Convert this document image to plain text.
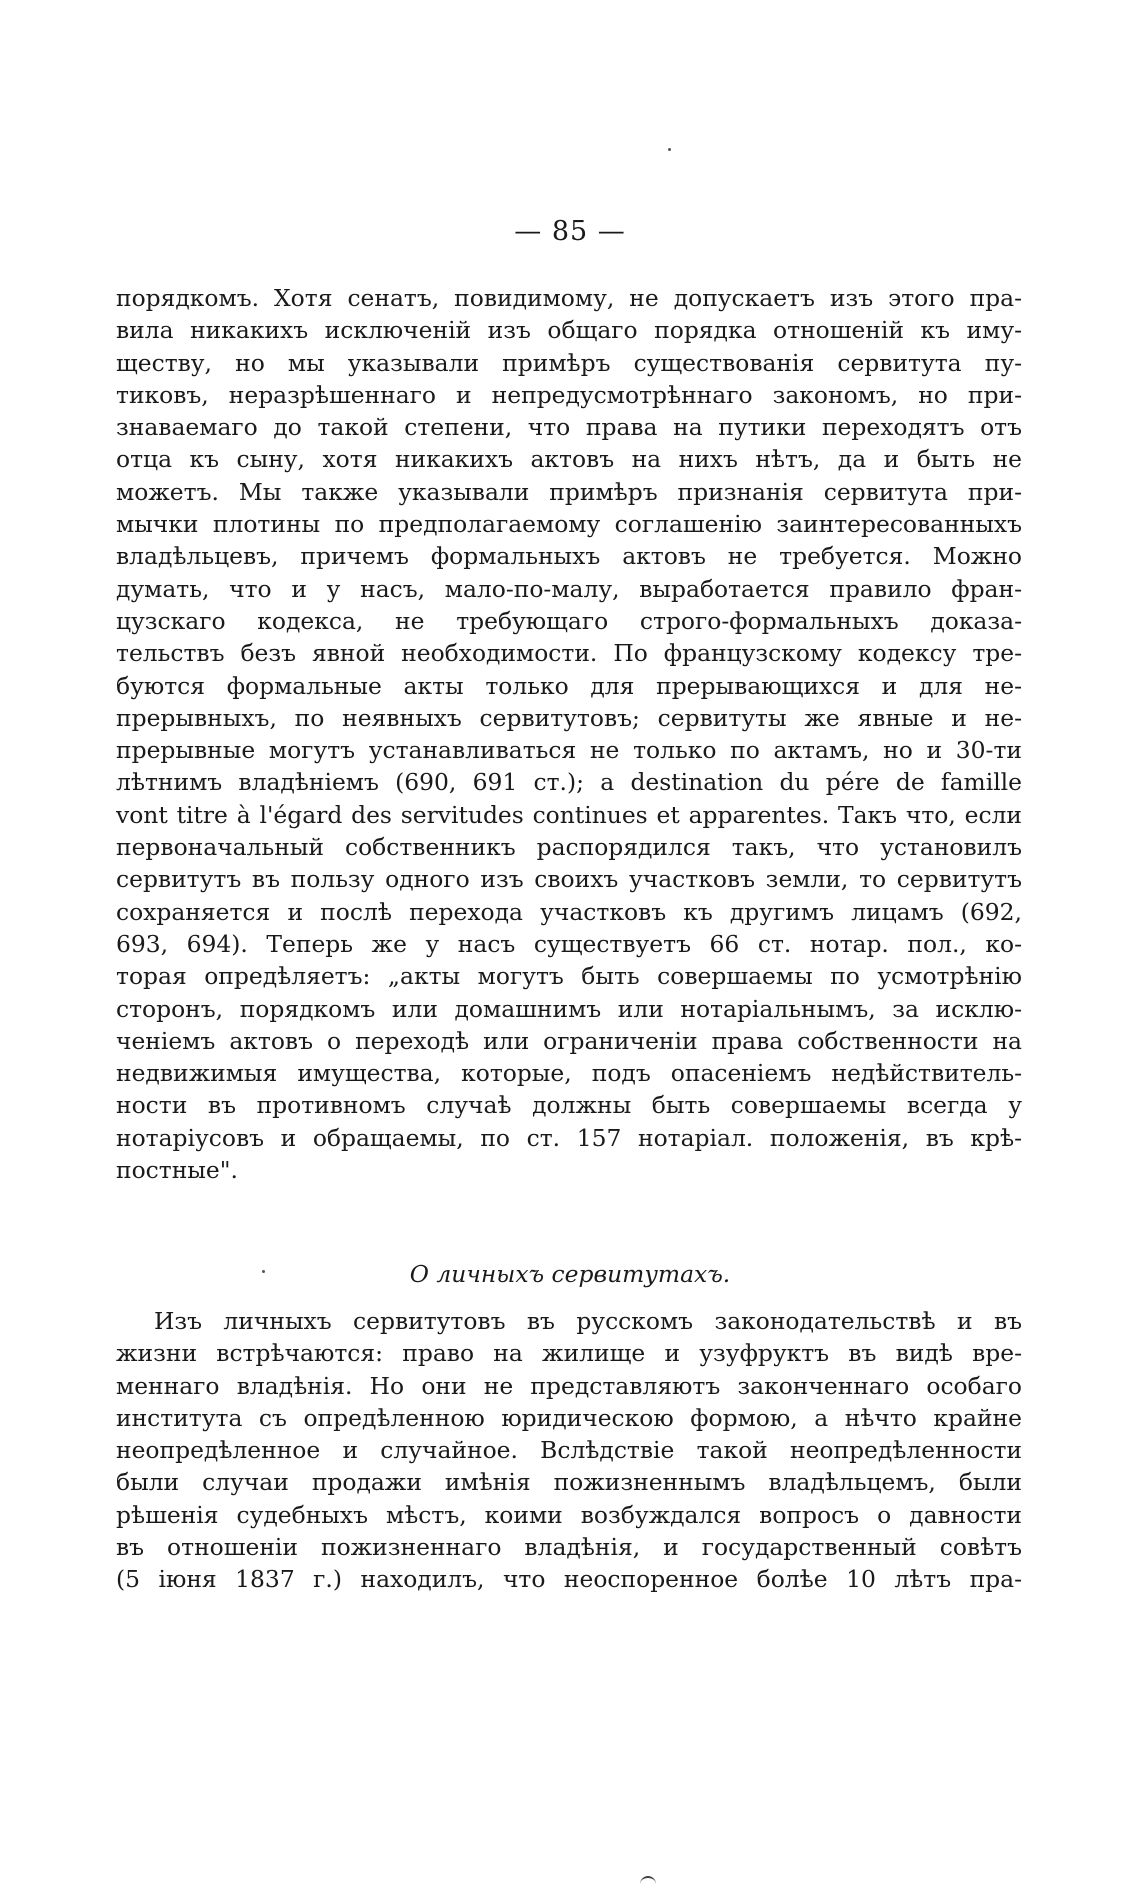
— 85 —
порядкомъ. Хотя сенатъ, повидимому, не допускаетъ изъ этого пра-
вила никакихъ исключеній изъ общаго порядка отношеній къ иму-
ществу, но мы указывали примѣръ существованія сервитута пу-
тиковъ, неразрѣшеннаго и непредусмотрѣннаго закономъ, но при-
знаваемаго до такой степени, что права на путики переходятъ отъ
отца къ сыну, хотя никакихъ актовъ на нихъ нѣтъ, да и быть не
можетъ. Мы также указывали примѣръ признанія сервитута при-
мычки плотины по предполагаемому соглашенію заинтересованныхъ
владѣльцевъ, причемъ формальныхъ актовъ не требуется. Можно
думать, что и у насъ, мало-по-малу, выработается правило фран-
цузскаго кодекса, не требующаго строго-формальныхъ доказа-
тельствъ безъ явной необходимости. По французскому кодексу тре-
буются формальные акты только для прерывающихся и для не-
прерывныхъ, по неявныхъ сервитутовъ; сервитуты же явные и не-
прерывные могутъ устанавливаться не только по актамъ, но и 30-ти
лѣтнимъ владѣніемъ (690, 691 ст.); а destination du pére de famille
vont titre à l'égard des servitudes continues et apparentes. Такъ что, если
первоначальный собственникъ распорядился такъ, что установилъ
сервитутъ въ пользу одного изъ своихъ участковъ земли, то сервитутъ
сохраняется и послѣ перехода участковъ къ другимъ лицамъ (692,
693, 694). Теперь же у насъ существуетъ 66 ст. нотар. пол., ко-
торая опредѣляетъ: „акты могутъ быть совершаемы по усмотрѣнію
сторонъ, порядкомъ или домашнимъ или нотаріальнымъ, за исклю-
ченіемъ актовъ о переходѣ или ограниченіи права собственности на
недвижимыя имущества, которые, подъ опасеніемъ недѣйствитель-
ности въ противномъ случаѣ должны быть совершаемы всегда у
нотаріусовъ и обращаемы, по ст. 157 нотаріал. положенія, въ крѣ-
постные".
О личныхъ сервитутахъ.
Изъ личныхъ сервитутовъ въ русскомъ законодательствѣ и въ
жизни встрѣчаются: право на жилище и узуфруктъ въ видѣ вре-
меннаго владѣнія. Но они не представляютъ законченнаго особаго
института съ опредѣленною юридическою формою, а нѣчто крайне
неопредѣленное и случайное. Вслѣдствіе такой неопредѣленности
были случаи продажи имѣнія пожизненнымъ владѣльцемъ, были
рѣшенія судебныхъ мѣстъ, коими возбуждался вопросъ о давности
въ отношеніи пожизненнаго владѣнія, и государственный совѣтъ
(5 іюня 1837 г.) находилъ, что неоспоренное болѣе 10 лѣтъ пра-
